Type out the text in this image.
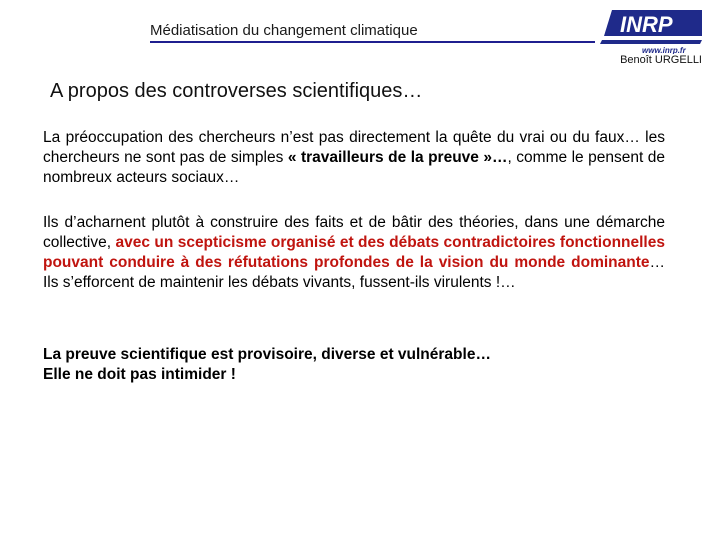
Médiatisation du changement climatique	INRP
www.inrp.fr
Benoît URGELLI
A propos des controverses scientifiques…

La préoccupation des chercheurs n’est pas directement la quête du vrai ou du faux… les chercheurs ne sont pas de simples « travailleurs de la preuve »…, comme le pensent de nombreux acteurs sociaux…

Ils d’acharnent plutôt à construire des faits et de bâtir des théories, dans une démarche collective, avec un scepticisme organisé et des débats contradictoires fonctionnelles pouvant conduire à des réfutations profondes de la vision du monde dominante… Ils s’efforcent de maintenir les débats vivants, fussent-ils virulents !…

La preuve scientifique est provisoire, diverse et vulnérable…
Elle ne doit pas intimider !
